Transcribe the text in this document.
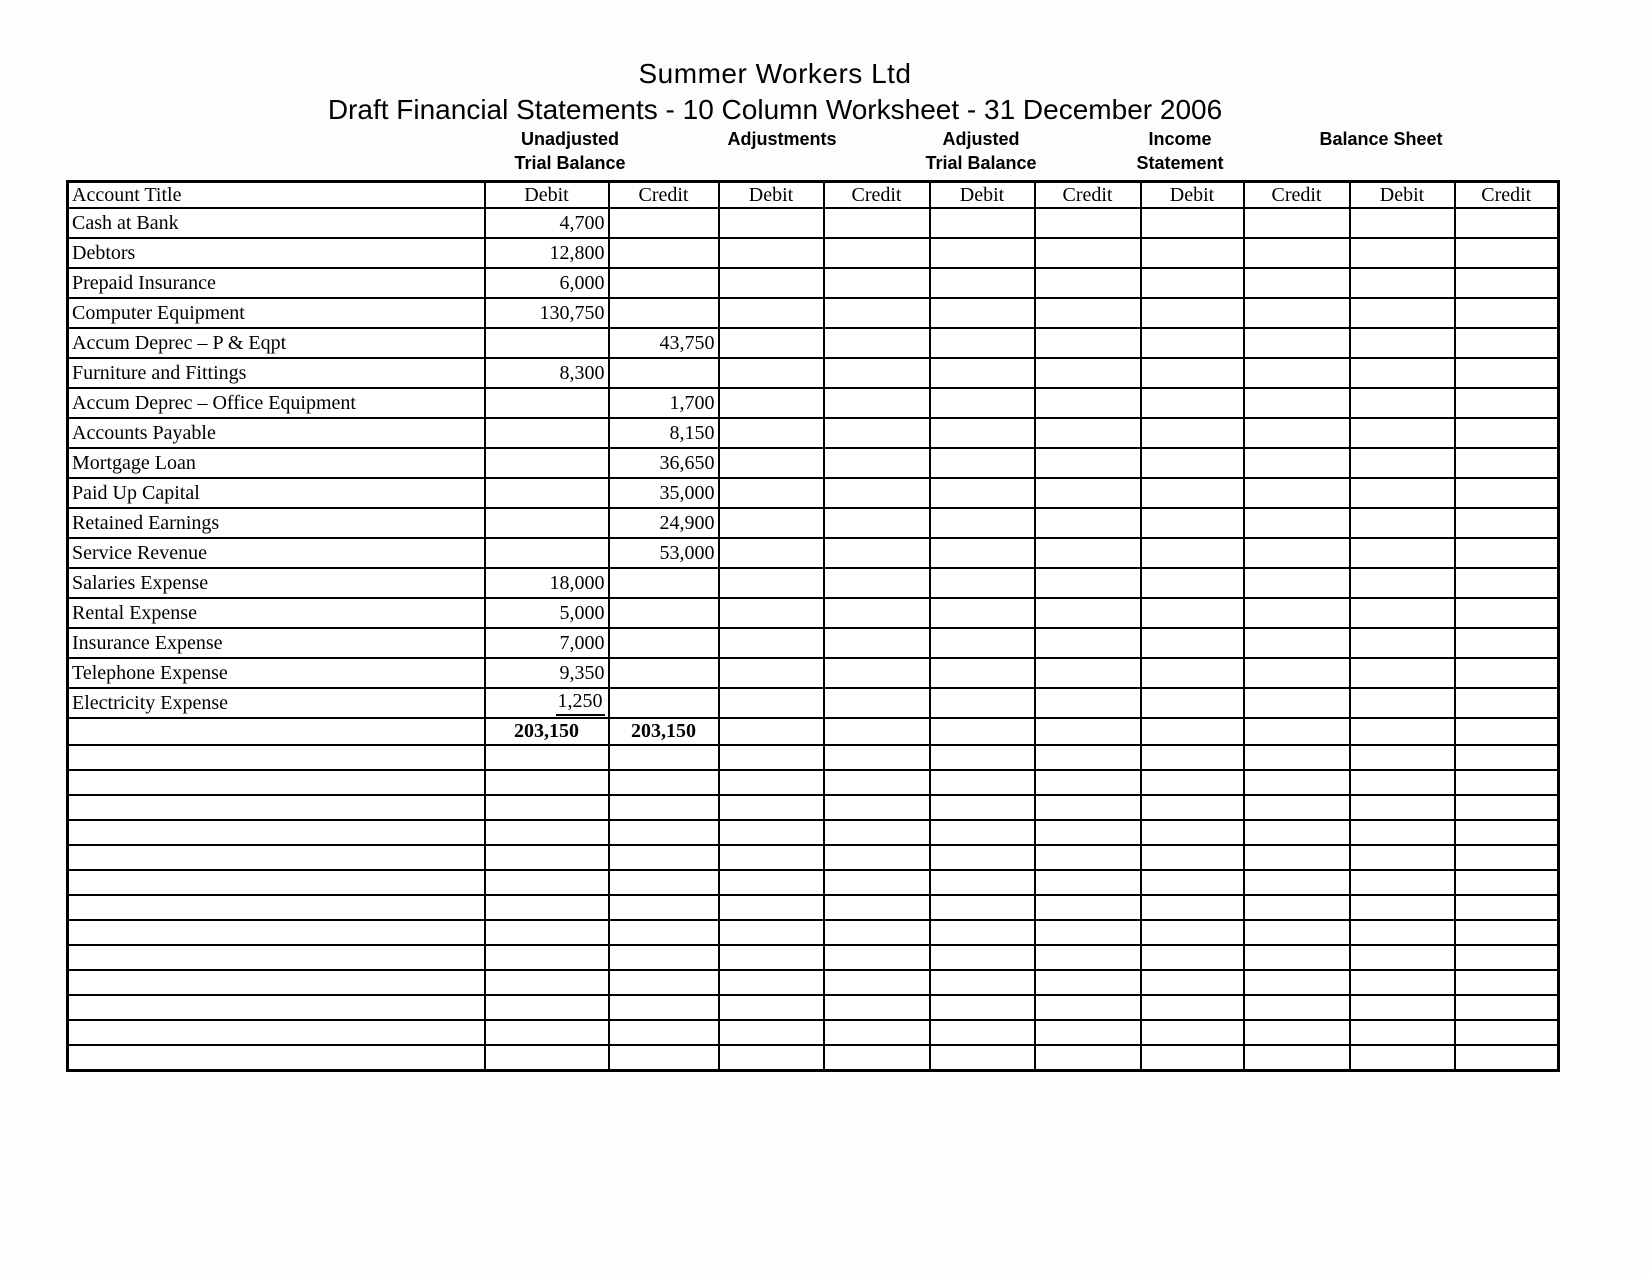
Summer Workers Ltd
Draft Financial Statements - 10 Column Worksheet - 31 December 2006
Unadjusted
Trial Balance
Adjustments	Adjusted
Trial Balance
Income
Statement
Balance Sheet
Account Title	Debit	Credit	Debit	Credit	Debit	Credit	Debit	Credit	Debit	Credit
Cash at Bank	4,700									
Debtors	12,800									
Prepaid Insurance	6,000									
Computer Equipment	130,750									
Accum Deprec – P & Eqpt		43,750								
Furniture and Fittings	8,300									
Accum Deprec – Office Equipment		1,700								
Accounts Payable		8,150								
Mortgage Loan		36,650								
Paid Up Capital		35,000								
Retained Earnings		24,900								
Service Revenue		53,000								
Salaries Expense	18,000									
Rental Expense	5,000									
Insurance Expense	7,000									
Telephone Expense	9,350									
Electricity Expense	1,250									
	203,150	203,150								
